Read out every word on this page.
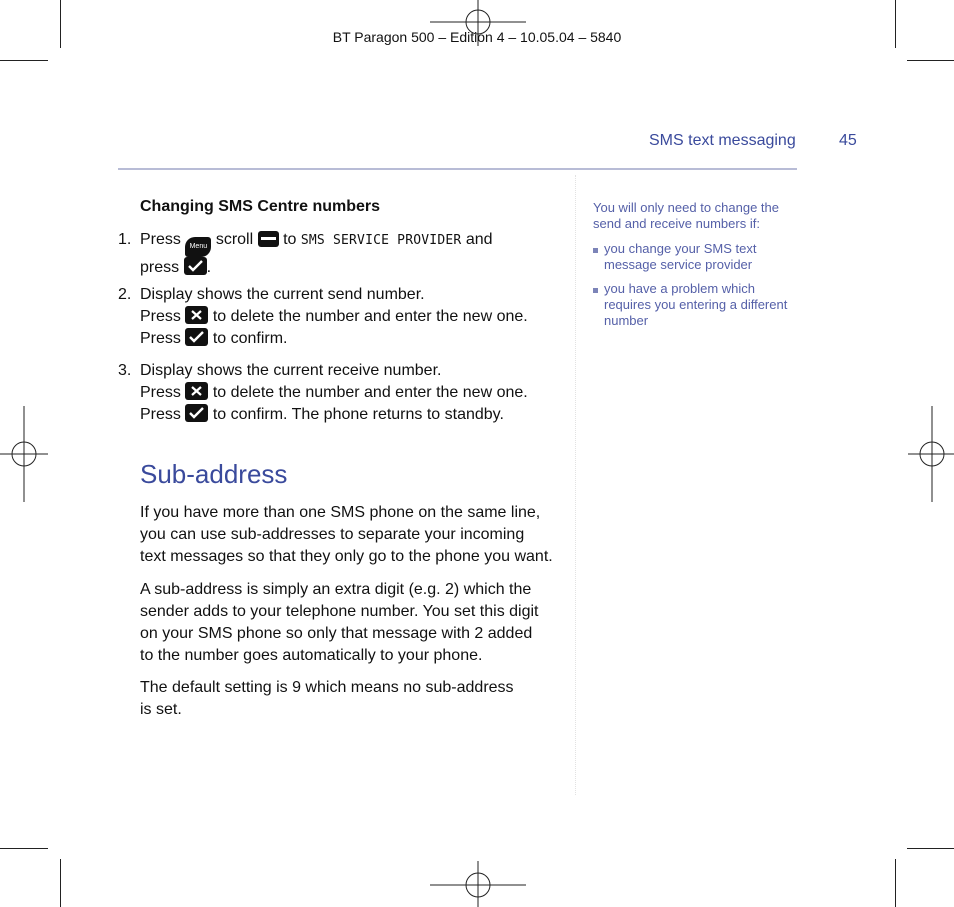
BT Paragon 500 – Edition 4 – 10.05.04 – 5840
SMS text messaging	45
Changing SMS Centre numbers
1. Press Menu scroll to SMS SERVICE PROVIDER and
press .
2. Display shows the current send number.
Press to delete the number and enter the new one.
Press to confirm.
3. Display shows the current receive number.
Press to delete the number and enter the new one.
Press to confirm. The phone returns to standby.
Sub-address
If you have more than one SMS phone on the same line,
you can use sub-addresses to separate your incoming
text messages so that they only go to the phone you want.
A sub-address is simply an extra digit (e.g. 2) which the
sender adds to your telephone number. You set this digit
on your SMS phone so only that message with 2 added
to the number goes automatically to your phone.
The default setting is 9 which means no sub-address
is set.
You will only need to change the
send and receive numbers if:
you change your SMS text
message service provider
you have a problem which
requires you entering a different
number
